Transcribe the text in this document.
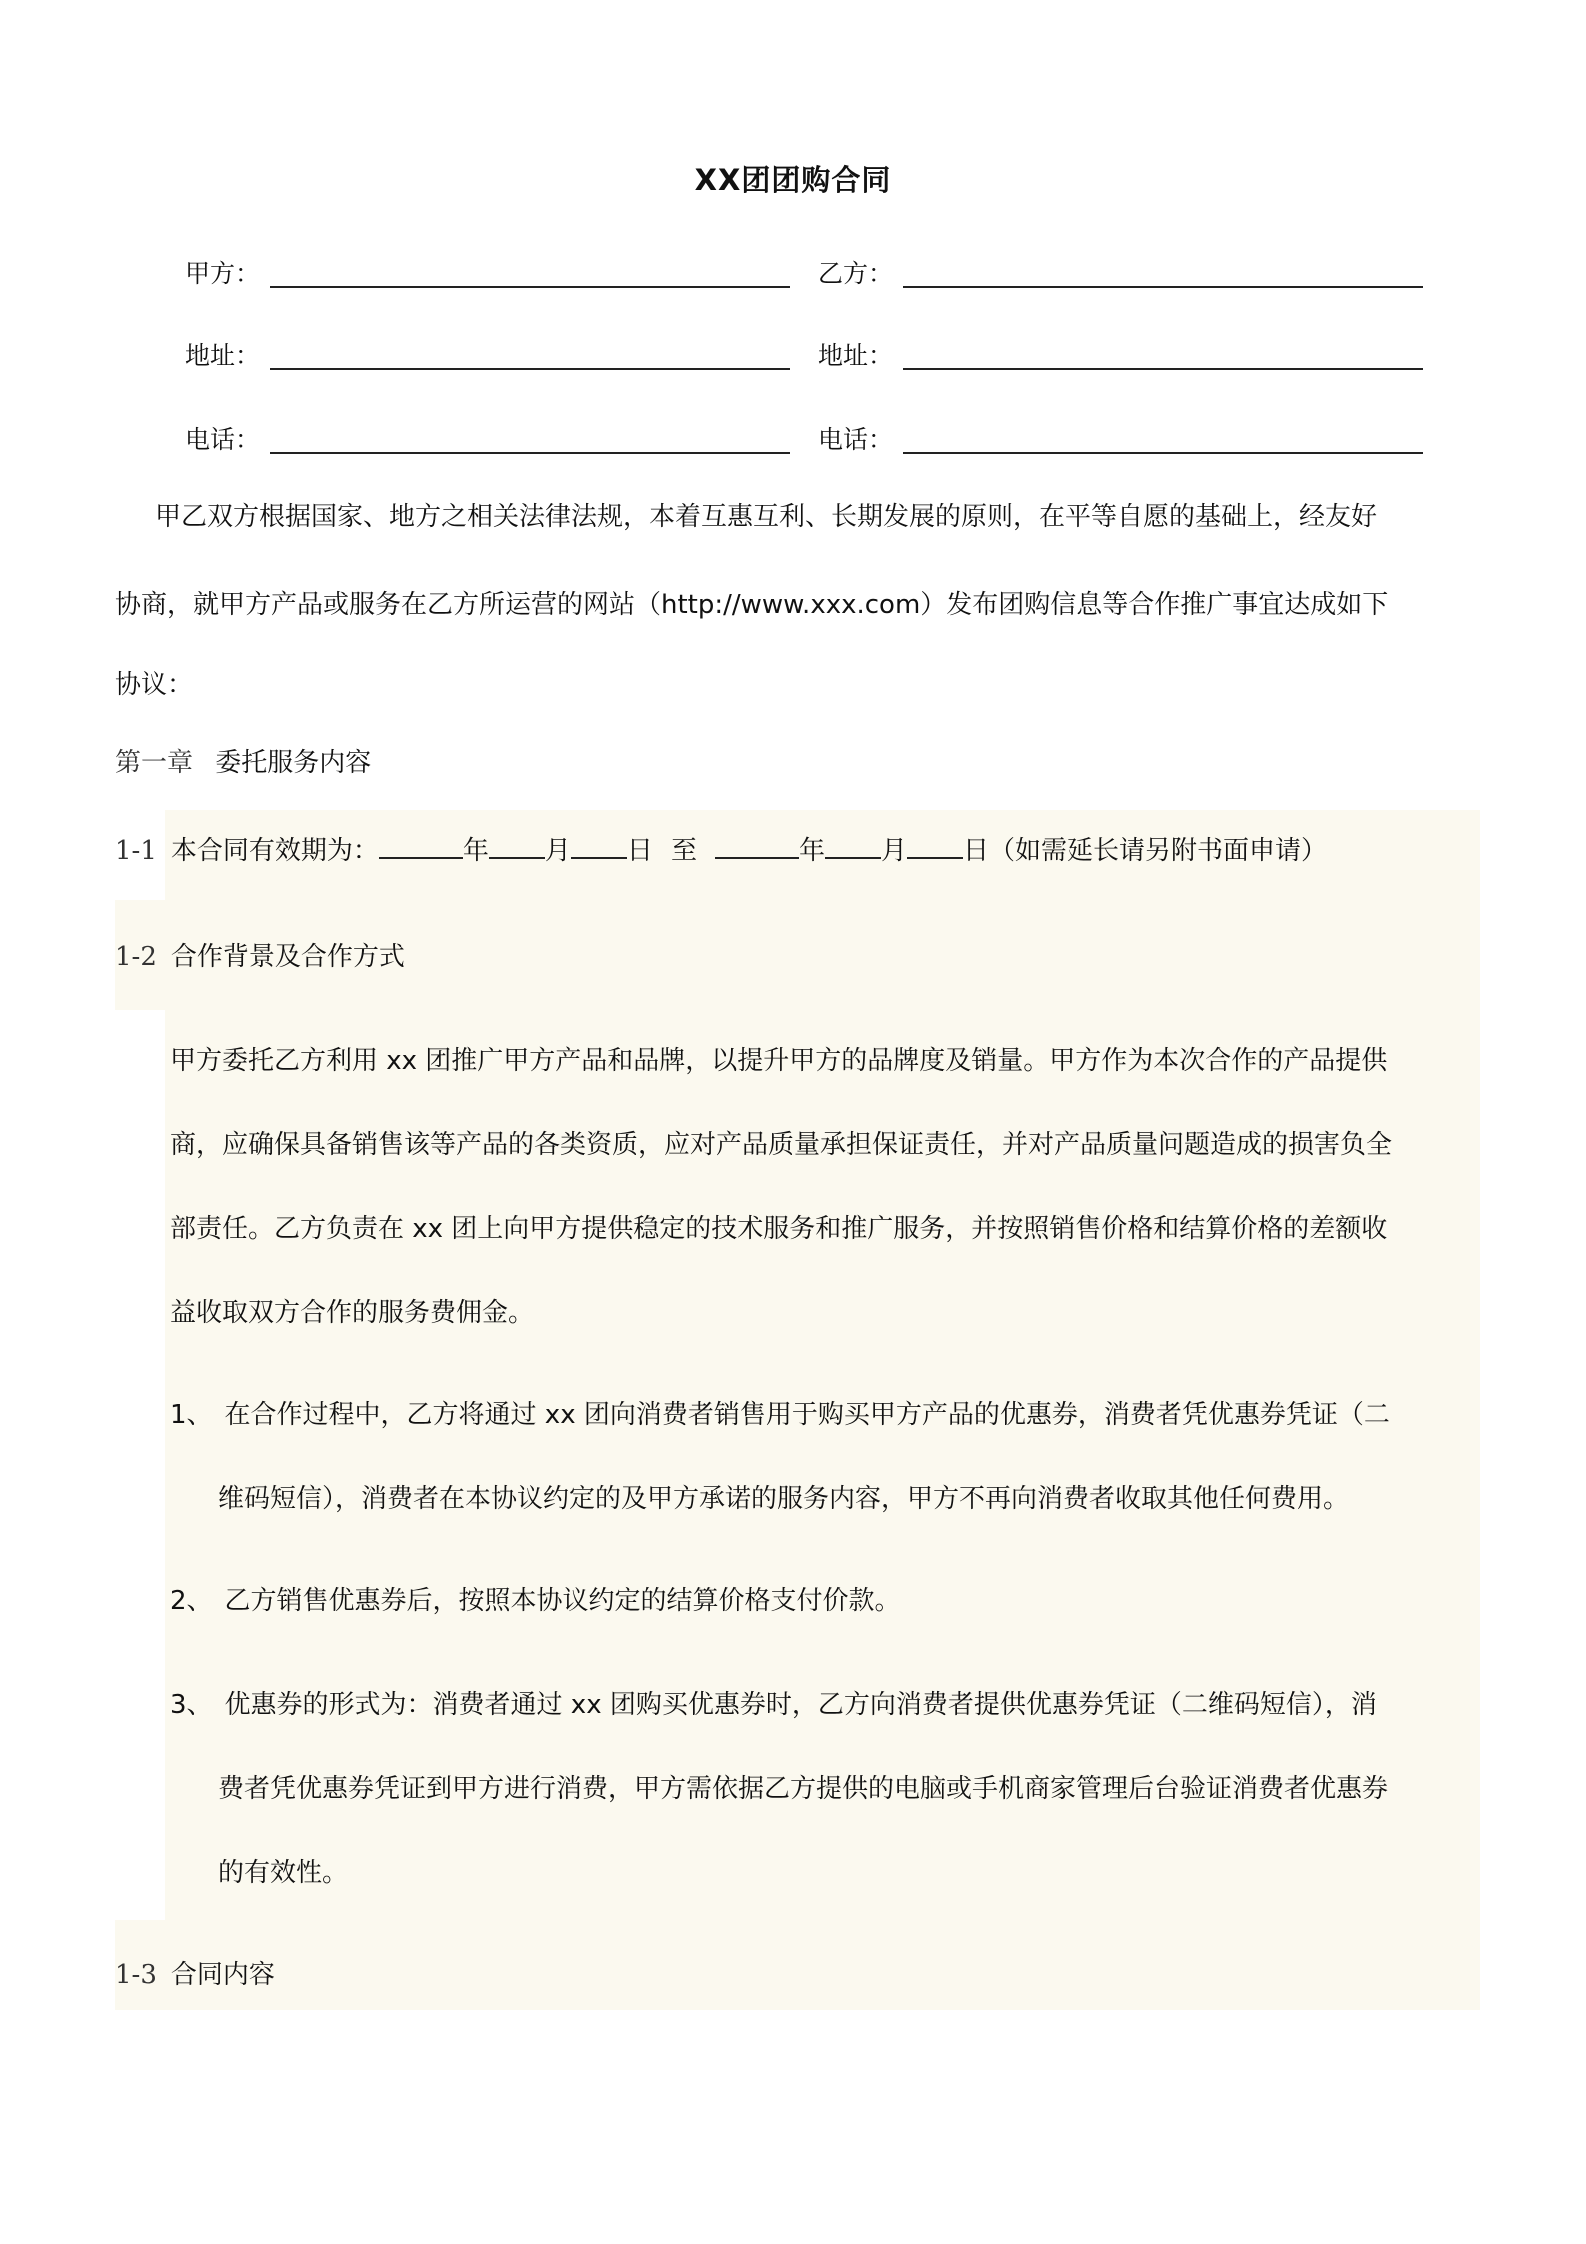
XX团团购合同
甲方：	乙方：
地址：	地址：
电话：	电话：
甲乙双方根据国家、地方之相关法律法规，本着互惠互利、长期发展的原则，在平等自愿的基础上，经友好
协商，就甲方产品或服务在乙方所运营的网站（http://www.xxx.com）发布团购信息等合作推广事宜达成如下
协议：
第一章 委托服务内容
1-1 本合同有效期为：	年 月 日 至	年 月 日（如需延长请另附书面申请）
1-2 合作背景及合作方式
甲方委托乙方利用 xx 团推广甲方产品和品牌，以提升甲方的品牌度及销量。甲方作为本次合作的产品提供
商，应确保具备销售该等产品的各类资质，应对产品质量承担保证责任，并对产品质量问题造成的损害负全
部责任。乙方负责在 xx 团上向甲方提供稳定的技术服务和推广服务，并按照销售价格和结算价格的差额收
益收取双方合作的服务费佣金。
1、 在合作过程中，乙方将通过 xx 团向消费者销售用于购买甲方产品的优惠券，消费者凭优惠券凭证（二
维码短信），消费者在本协议约定的及甲方承诺的服务内容，甲方不再向消费者收取其他任何费用。
2、 乙方销售优惠券后，按照本协议约定的结算价格支付价款。
3、 优惠券的形式为：消费者通过 xx 团购买优惠券时，乙方向消费者提供优惠券凭证（二维码短信），消
费者凭优惠券凭证到甲方进行消费，甲方需依据乙方提供的电脑或手机商家管理后台验证消费者优惠券
的有效性。
1-3 合同内容
